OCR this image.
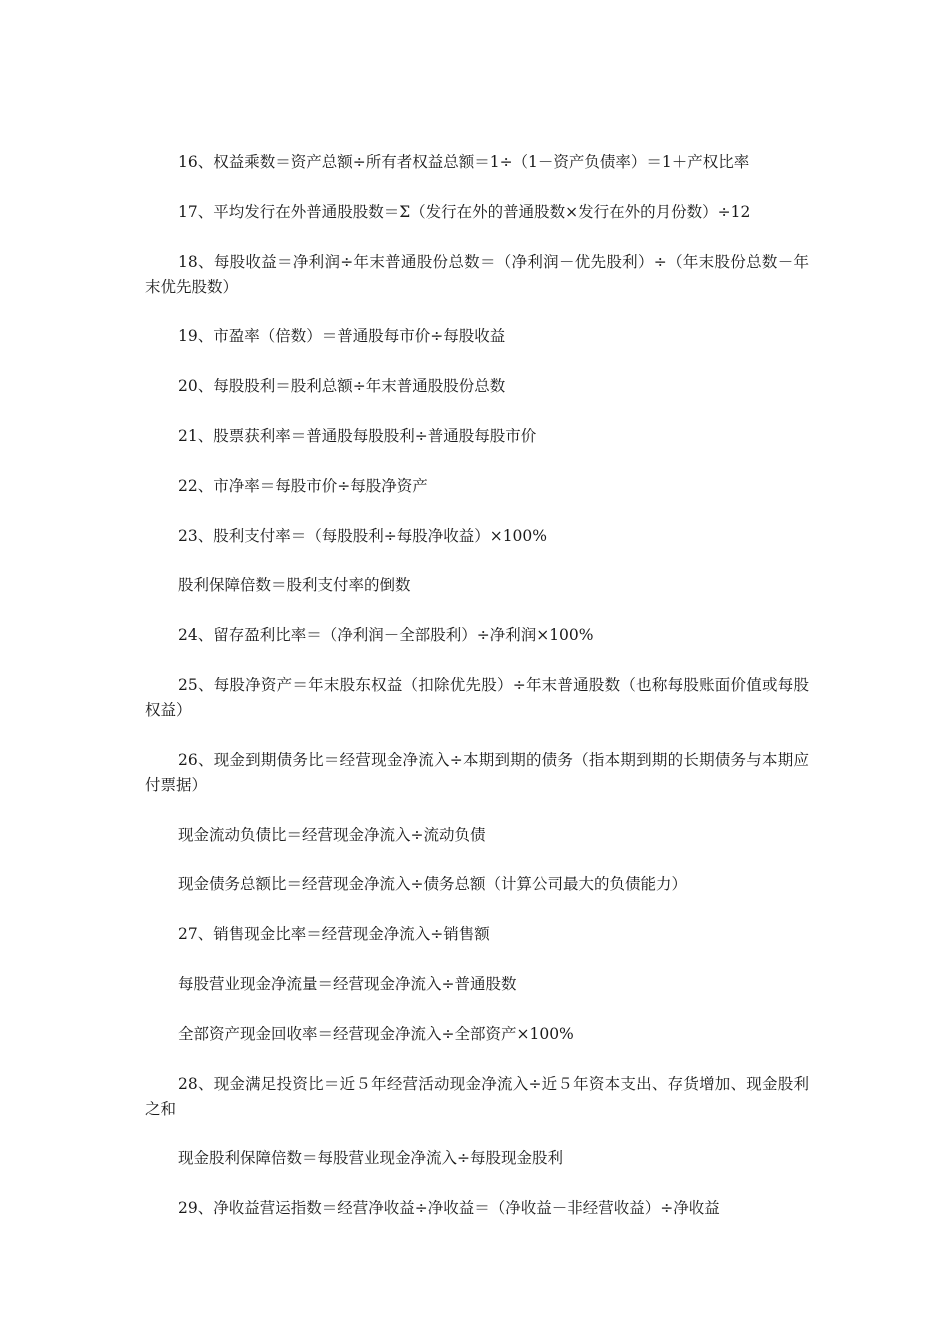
16、权益乘数＝资产总额÷所有者权益总额＝1÷（1－资产负债率）＝1＋产权比率

17、平均发行在外普通股股数＝Σ（发行在外的普通股数×发行在外的月份数）÷12

18、每股收益＝净利润÷年末普通股份总数＝（净利润－优先股利）÷（年末股份总数－年末优先股数）

19、市盈率（倍数）＝普通股每市价÷每股收益

20、每股股利＝股利总额÷年末普通股股份总数

21、股票获利率＝普通股每股股利÷普通股每股市价

22、市净率＝每股市价÷每股净资产

23、股利支付率＝（每股股利÷每股净收益）×100%

股利保障倍数＝股利支付率的倒数

24、留存盈利比率＝（净利润－全部股利）÷净利润×100%

25、每股净资产＝年末股东权益（扣除优先股）÷年末普通股数（也称每股账面价值或每股权益）

26、现金到期债务比＝经营现金净流入÷本期到期的债务（指本期到期的长期债务与本期应付票据）

现金流动负债比＝经营现金净流入÷流动负债

现金债务总额比＝经营现金净流入÷债务总额（计算公司最大的负债能力）

27、销售现金比率＝经营现金净流入÷销售额

每股营业现金净流量＝经营现金净流入÷普通股数

全部资产现金回收率＝经营现金净流入÷全部资产×100%

28、现金满足投资比＝近５年经营活动现金净流入÷近５年资本支出、存货增加、现金股利之和

现金股利保障倍数＝每股营业现金净流入÷每股现金股利

29、净收益营运指数＝经营净收益÷净收益＝（净收益－非经营收益）÷净收益
